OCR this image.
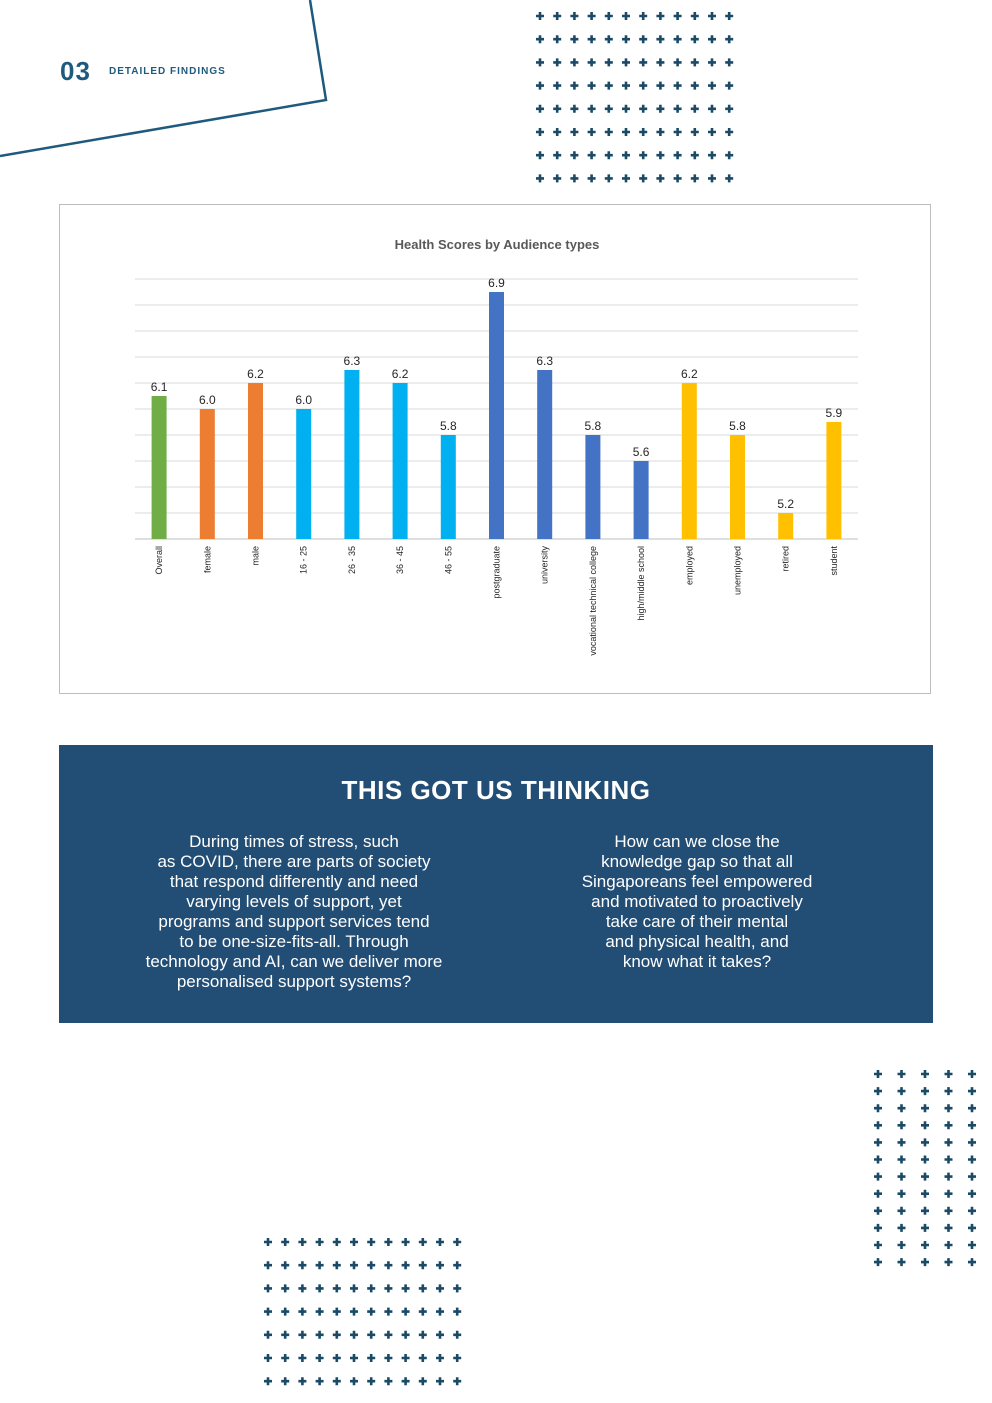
03 DETAILED FINDINGS
Health Scores by Audience types
6.1
6.0
6.2
6.0
6.3
6.2
5.8
6.9
6.3
5.8
5.6
6.2
5.8
5.2
5.9
Overall	female	male	16 - 25	26 - 35	36 - 45	46 - 55	postgraduate	university	vocational technical college	high/middle school	employed	unemployed	retired	student
THIS GOT US THINKING
During times of stress, such
as COVID, there are parts of society
that respond differently and need
varying levels of support, yet
programs and support services tend
to be one-size-fits-all. Through
technology and AI, can we deliver more
personalised support systems?
How can we close the
knowledge gap so that all
Singaporeans feel empowered
and motivated to proactively
take care of their mental
and physical health, and
know what it takes?
